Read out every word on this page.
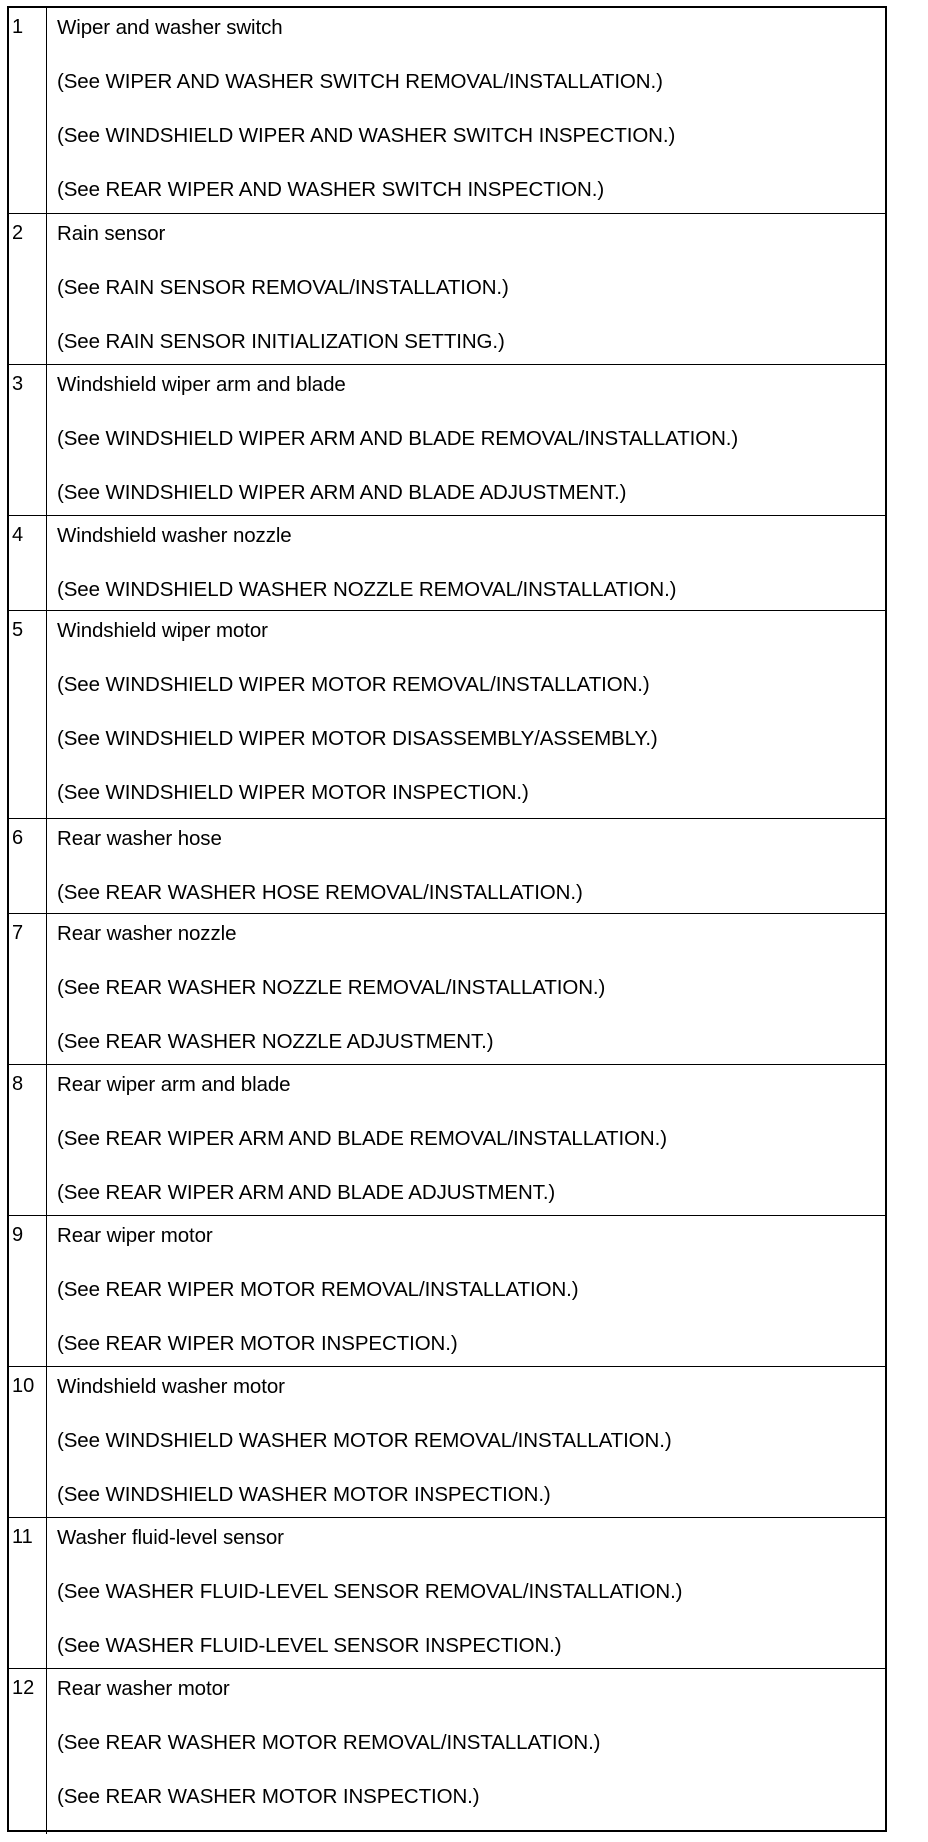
1	Wiper and washer switch
(See WIPER AND WASHER SWITCH REMOVAL/INSTALLATION.)
(See WINDSHIELD WIPER AND WASHER SWITCH INSPECTION.)
(See REAR WIPER AND WASHER SWITCH INSPECTION.)
2	Rain sensor
(See RAIN SENSOR REMOVAL/INSTALLATION.)
(See RAIN SENSOR INITIALIZATION SETTING.)
3	Windshield wiper arm and blade
(See WINDSHIELD WIPER ARM AND BLADE REMOVAL/INSTALLATION.)
(See WINDSHIELD WIPER ARM AND BLADE ADJUSTMENT.)
4	Windshield washer nozzle
(See WINDSHIELD WASHER NOZZLE REMOVAL/INSTALLATION.)
5	Windshield wiper motor
(See WINDSHIELD WIPER MOTOR REMOVAL/INSTALLATION.)
(See WINDSHIELD WIPER MOTOR DISASSEMBLY/ASSEMBLY.)
(See WINDSHIELD WIPER MOTOR INSPECTION.)
6	Rear washer hose
(See REAR WASHER HOSE REMOVAL/INSTALLATION.)
7	Rear washer nozzle
(See REAR WASHER NOZZLE REMOVAL/INSTALLATION.)
(See REAR WASHER NOZZLE ADJUSTMENT.)
8	Rear wiper arm and blade
(See REAR WIPER ARM AND BLADE REMOVAL/INSTALLATION.)
(See REAR WIPER ARM AND BLADE ADJUSTMENT.)
9	Rear wiper motor
(See REAR WIPER MOTOR REMOVAL/INSTALLATION.)
(See REAR WIPER MOTOR INSPECTION.)
10	Windshield washer motor
(See WINDSHIELD WASHER MOTOR REMOVAL/INSTALLATION.)
(See WINDSHIELD WASHER MOTOR INSPECTION.)
11	Washer fluid-level sensor
(See WASHER FLUID-LEVEL SENSOR REMOVAL/INSTALLATION.)
(See WASHER FLUID-LEVEL SENSOR INSPECTION.)
12	Rear washer motor
(See REAR WASHER MOTOR REMOVAL/INSTALLATION.)
(See REAR WASHER MOTOR INSPECTION.)
